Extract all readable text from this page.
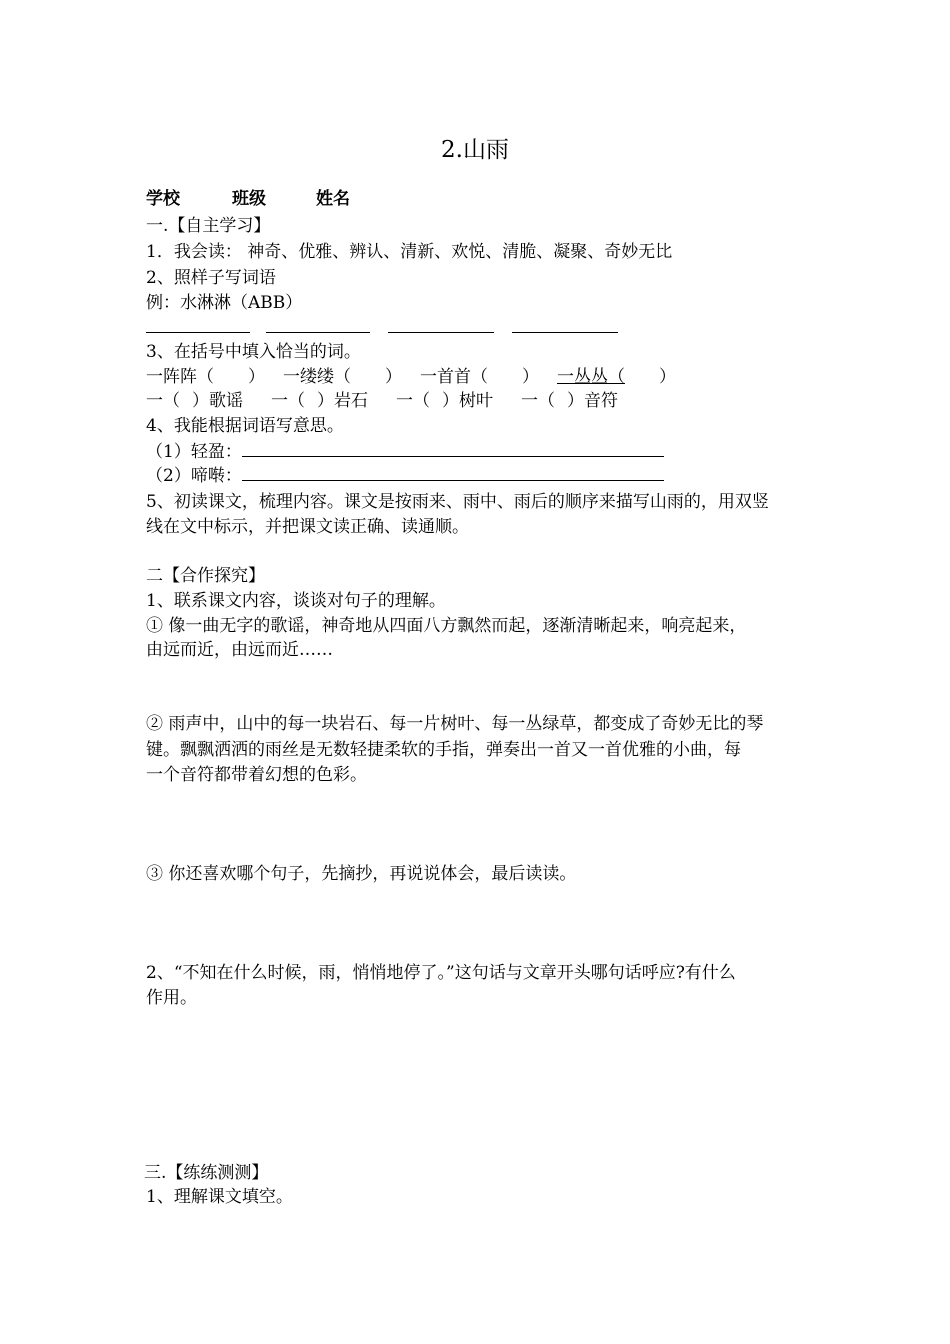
2.山雨
学校	班级	姓名
一.【自主学习】
1．我会读： 神奇、优雅、辨认、清新、欢悦、清脆、凝聚、奇妙无比
2、照样子写词语
例：水淋淋（ABB）
3、在括号中填入恰当的词。
一阵阵（ ） 一缕缕（ ） 一首首（ ） 一丛丛（ ）
一（ ）歌谣 一（ ）岩石 一（ ）树叶 一（ ）音符
4、我能根据词语写意思。
（1）轻盈：
（2）啼啭：
5、初读课文，梳理内容。课文是按雨来、雨中、雨后的顺序来描写山雨的，用双竖
线在文中标示，并把课文读正确、读通顺。
二【合作探究】
1、联系课文内容，谈谈对句子的理解。
① 像一曲无字的歌谣，神奇地从四面八方飘然而起，逐渐清晰起来，响亮起来，
由远而近，由远而近……
② 雨声中，山中的每一块岩石、每一片树叶、每一丛绿草，都变成了奇妙无比的琴
键。飘飘洒洒的雨丝是无数轻捷柔软的手指，弹奏出一首又一首优雅的小曲，每
一个音符都带着幻想的色彩。
③ 你还喜欢哪个句子，先摘抄，再说说体会，最后读读。
2、“不知在什么时候，雨，悄悄地停了。”这句话与文章开头哪句话呼应?有什么
作用。
三.【练练测测】
1、理解课文填空。
